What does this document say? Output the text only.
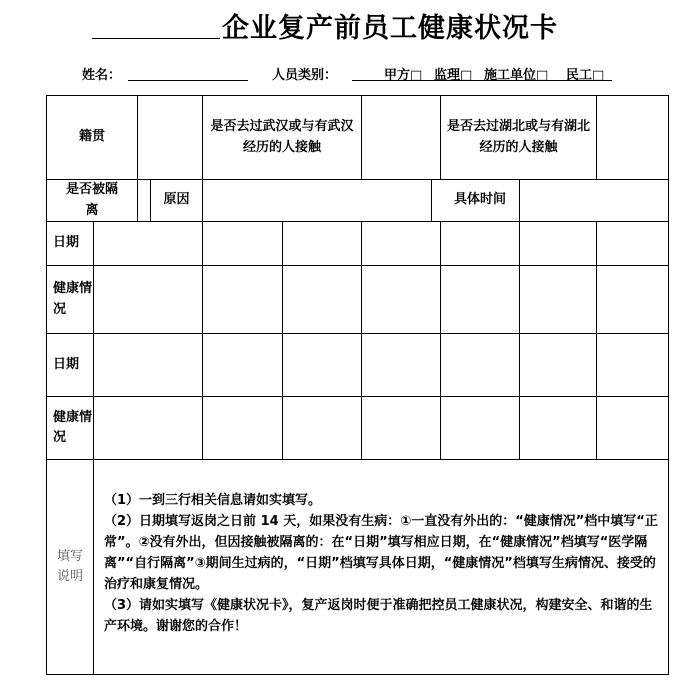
企业复产前员工健康状况卡
姓名：	人员类别：	甲方□ 监理□ 施工单位□ 民工□
籍贯				是否去过武汉或与有武汉经历的人接触				是否去过湖北或与有湖北经历的人接触		
是否被隔离			原因				具体时间			
日期										
健康情况										
日期										
健康情况										
填写说明	（1）一到三行相关信息请如实填写。

（2）日期填写返岗之日前 14 天，如果没有生病：①一直没有外出的：“健康情况”档中填写“正常”。②没有外出，但因接触被隔离的：在“日期”填写相应日期，在“健康情况”档填写“医学隔离”“自行隔离”③期间生过病的，“日期”档填写具体日期，“健康情况”档填写生病情况、接受的治疗和康复情况。

（3）请如实填写《健康状况卡》，复产返岗时便于准确把控员工健康状况，构建安全、和谐的生产环境。谢谢您的合作！									
